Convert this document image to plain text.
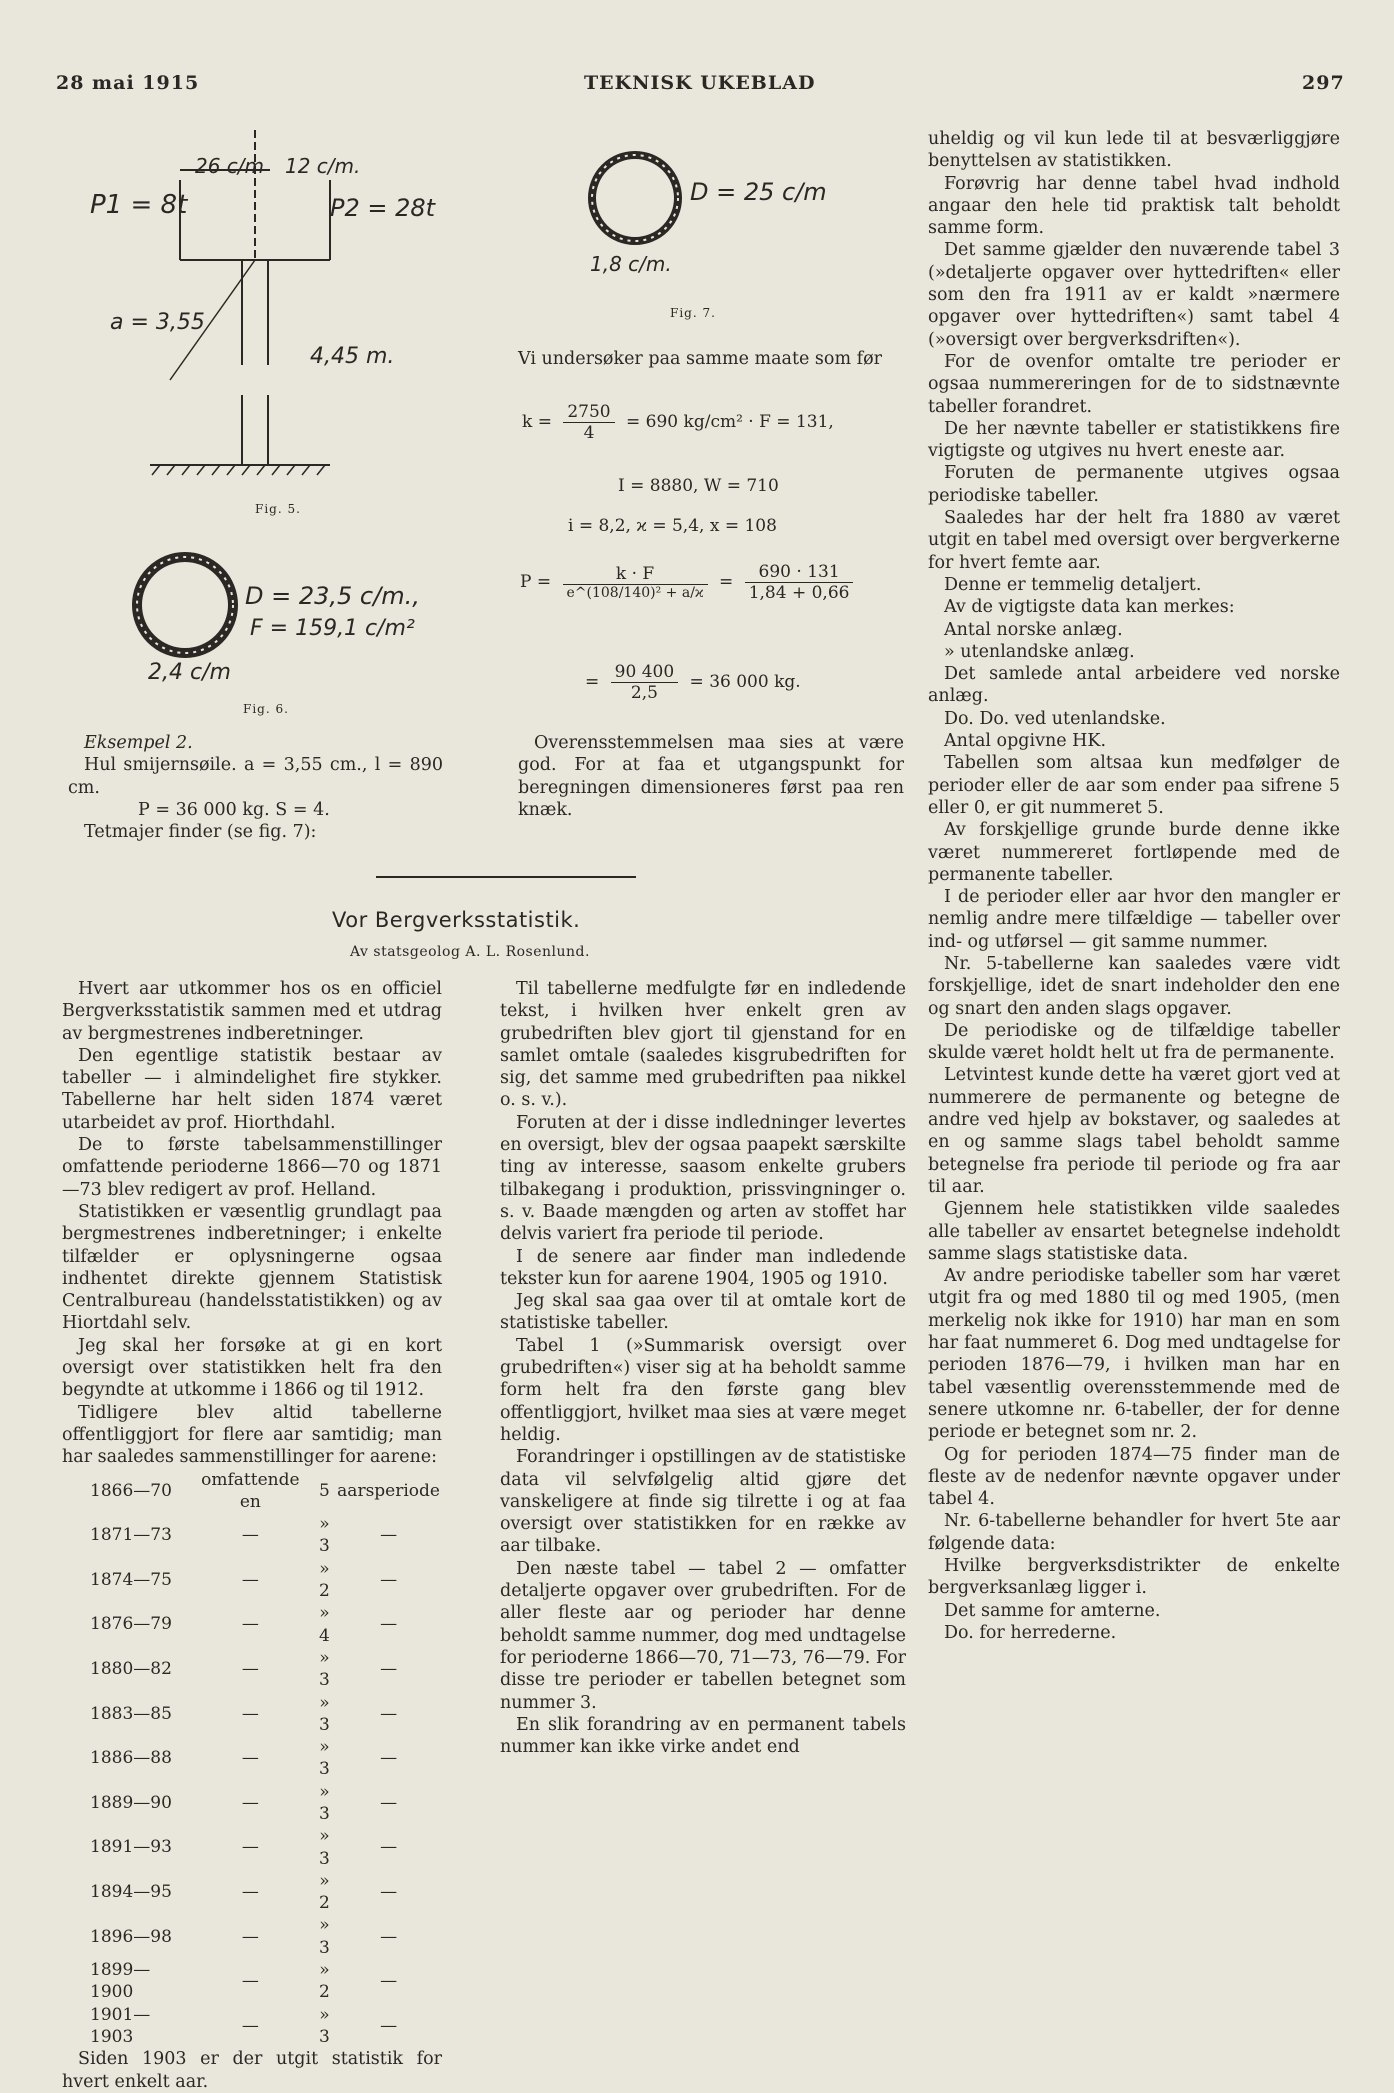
28 mai 1915	TEKNISK UKEBLAD	297
26 c/m 12 c/m.
P1 = 8t	P2 = 28t
a = 3,55
4,45 m.
Fig. 5.
D = 23,5 c/m.,
F = 159,1 c/m²
2,4 c/m
Fig. 6.

Eksempel 2.

Hul smijernsøile. a = 3,55 cm., l = 890 cm.

P = 36 000 kg. S = 4.

Tetmajer finder (se fig. 7):

D = 25 c/m
1,8 c/m.
Fig. 7.
Vi undersøker paa samme maate som før
$k = \frac{2750}{4} = 690$ kg/cm² · F = 131,
I = 8880, W = 710
i = 8,2, ϰ = 5,4, x = 108
$P = \frac{k \cdot F}{\text{e\textasciicircum{}(108/140)² + a/ϰ}} = \frac{690 \cdot 131}{1,84 + 0,66}$
= $\frac{90 400}{2,5} = 36$ 000 kg.

Overensstemmelsen maa sies at være god. For at faa et utgangspunkt for beregningen dimensioneres først paa ren knæk.

Vor Bergverksstatistik.
Av statsgeolog A. L. Rosenlund.

Hvert aar utkommer hos os en officiel Bergverksstatistik sammen med et utdrag av bergmestrenes indberetninger.

Den egentlige statistik bestaar av tabeller — i almindelighet fire stykker. Tabellerne har helt siden 1874 været utarbeidet av prof. Hiorthdahl.

De to første tabelsammenstillinger omfattende perioderne 1866—70 og 1871—73 blev redigert av prof. Helland.

Statistikken er væsentlig grundlagt paa bergmestrenes indberetninger; i enkelte tilfælder er oplysningerne ogsaa indhentet direkte gjennem Statistisk Centralbureau (handelsstatistikken) og av Hiortdahl selv.

Jeg skal her forsøke at gi en kort oversigt over statistikken helt fra den begyndte at utkomme i 1866 og til 1912.

Tidligere blev altid tabellerne offentliggjort for flere aar samtidig; man har saaledes sammenstillinger for aarene:

1866—70	omfattende en	5	aarsperiode
1871—73	—	» 3	—
1874—75	—	» 2	—
1876—79	—	» 4	—
1880—82	—	» 3	—
1883—85	—	» 3	—
1886—88	—	» 3	—
1889—90	—	» 3	—
1891—93	—	» 3	—
1894—95	—	» 2	—
1896—98	—	» 3	—
1899—1900	—	» 2	—
1901—1903	—	» 3	—

Siden 1903 er der utgit statistik for hvert enkelt aar.

Til tabellerne medfulgte før en indledende tekst, i hvilken hver enkelt gren av grubedriften blev gjort til gjenstand for en samlet omtale (saaledes kisgrubedriften for sig, det samme med grubedriften paa nikkel o. s. v.).

Foruten at der i disse indledninger levertes en oversigt, blev der ogsaa paapekt særskilte ting av interesse, saasom enkelte grubers tilbakegang i produktion, prissvingninger o. s. v. Baade mængden og arten av stoffet har delvis variert fra periode til periode.

I de senere aar finder man indledende tekster kun for aarene 1904, 1905 og 1910.

Jeg skal saa gaa over til at omtale kort de statistiske tabeller.

Tabel 1 (»Summarisk oversigt over grubedriften«) viser sig at ha beholdt samme form helt fra den første gang blev offentliggjort, hvilket maa sies at være meget heldig.

Forandringer i opstillingen av de statistiske data vil selvfølgelig altid gjøre det vanskeligere at finde sig tilrette i og at faa oversigt over statistikken for en række av aar tilbake.

Den næste tabel — tabel 2 — omfatter detaljerte opgaver over grubedriften. For de aller fleste aar og perioder har denne beholdt samme nummer, dog med undtagelse for perioderne 1866—70, 71—73, 76—79. For disse tre perioder er tabellen betegnet som nummer 3.

En slik forandring av en permanent tabels nummer kan ikke virke andet end

uheldig og vil kun lede til at besværliggjøre benyttelsen av statistikken.

Forøvrig har denne tabel hvad indhold angaar den hele tid praktisk talt beholdt samme form.

Det samme gjælder den nuværende tabel 3 (»detaljerte opgaver over hyttedriften« eller som den fra 1911 av er kaldt »nærmere opgaver over hyttedriften«) samt tabel 4 (»oversigt over bergverksdriften«).

For de ovenfor omtalte tre perioder er ogsaa nummereringen for de to sidstnævnte tabeller forandret.

De her nævnte tabeller er statistikkens fire vigtigste og utgives nu hvert eneste aar.

Foruten de permanente utgives ogsaa periodiske tabeller.

Saaledes har der helt fra 1880 av været utgit en tabel med oversigt over bergverkerne for hvert femte aar.

Denne er temmelig detaljert.

Av de vigtigste data kan merkes:

Antal norske anlæg.

» utenlandske anlæg.

Det samlede antal arbeidere ved norske anlæg.

Do. Do. ved utenlandske.

Antal opgivne HK.

Tabellen som altsaa kun medfølger de perioder eller de aar som ender paa sifrene 5 eller 0, er git nummeret 5.

Av forskjellige grunde burde denne ikke været nummereret fortløpende med de permanente tabeller.

I de perioder eller aar hvor den mangler er nemlig andre mere tilfældige — tabeller over ind- og utførsel — git samme nummer.

Nr. 5-tabellerne kan saaledes være vidt forskjellige, idet de snart indeholder den ene og snart den anden slags opgaver.

De periodiske og de tilfældige tabeller skulde været holdt helt ut fra de permanente.

Letvintest kunde dette ha været gjort ved at nummerere de permanente og betegne de andre ved hjelp av bokstaver, og saaledes at en og samme slags tabel beholdt samme betegnelse fra periode til periode og fra aar til aar.

Gjennem hele statistikken vilde saaledes alle tabeller av ensartet betegnelse indeholdt samme slags statistiske data.

Av andre periodiske tabeller som har været utgit fra og med 1880 til og med 1905, (men merkelig nok ikke for 1910) har man en som har faat nummeret 6. Dog med undtagelse for perioden 1876—79, i hvilken man har en tabel væsentlig overensstemmende med de senere utkomne nr. 6-tabeller, der for denne periode er betegnet som nr. 2.

Og for perioden 1874—75 finder man de fleste av de nedenfor nævnte opgaver under tabel 4.

Nr. 6-tabellerne behandler for hvert 5te aar følgende data:

Hvilke bergverksdistrikter de enkelte bergverksanlæg ligger i.

Det samme for amterne.

Do. for herrederne.
